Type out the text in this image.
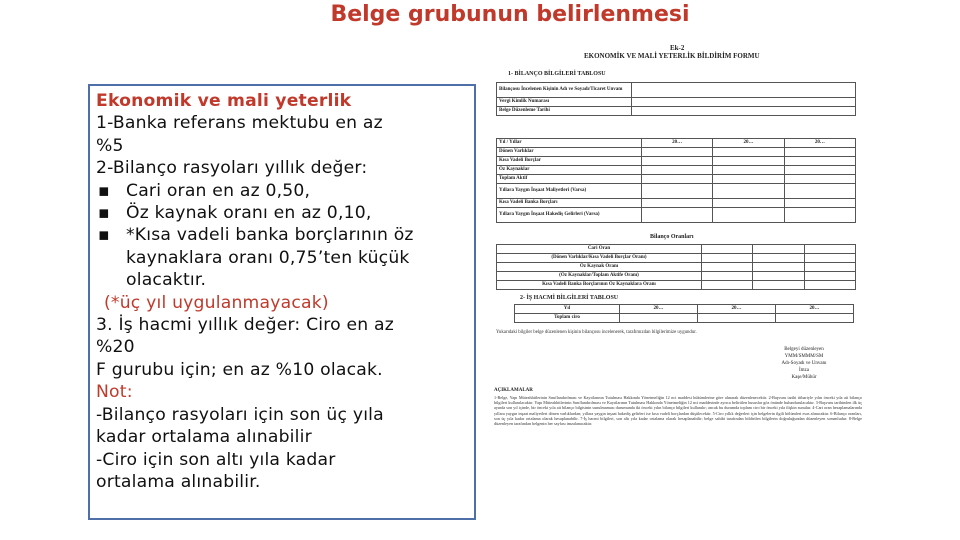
Belge grubunun belirlenmesi
Ekonomik ve mali yeterlik
1-Banka referans mektubu en az
%5
2-Bilanço rasyoları yıllık değer:
▪ Cari oran en az 0,50,
▪ Öz kaynak oranı en az 0,10,
▪ *Kısa vadeli banka borçlarının öz
kaynaklara oranı 0,75’ten küçük
olacaktır.
(*üç yıl uygulanmayacak)
3. İş hacmi yıllık değer: Ciro en az
%20
F gurubu için; en az %10 olacak.
Not:
-Bilanço rasyoları için son üç yıla
kadar ortalama alınabilir
-Ciro için son altı yıla kadar
ortalama alınabilir.
Ek-2
EKONOMİK VE MALİ YETERLİK BİLDİRİM FORMU
1- BİLANÇO BİLGİLERİ TABLOSU
Bilançosu İncelenen Kişinin Adı ve Soyadı/Ticaret Unvanı	
Vergi Kimlik Numarası	
Belge Düzenleme Tarihi	
Yıl / Yıllar	20…	20…	20…
Dönen Varlıklar			
Kısa Vadeli Borçlar			
Öz Kaynaklar			
Toplam Aktif			
Yıllara Yaygın İnşaat Maliyetleri (Varsa)			
Kısa Vadeli Banka Borçları			
Yıllara Yaygın İnşaat Hakediş Gelirleri (Varsa)			
Bilanço Oranları
Cari Oran			
(Dönen Varlıklar/Kısa Vadeli Borçlar Oranı)			
Öz Kaynak Oranı			
(Öz Kaynaklar/Toplam Aktife Oranı)			
Kısa Vadeli Banka Borçlarının Öz Kaynaklara Oranı			
2- İŞ HACMİ BİLGİLERİ TABLOSU
Yıl	20…	20…	20…
Toplam ciro			
Yukarıdaki bilgiler belge düzenlenen kişinin bilançosu incelenerek, tarafımızdan bilgilerimize uygundur.
Belgeyi düzenleyen
YMM/SMMM/SM
Adı-Soyadı ve Unvanı
İmza
Kaşe/Mühür
AÇIKLAMALAR
1-Belge, Yapı Müteahhitlerinin Sınıflandırılması ve Kayıtlarının Tutulması Hakkında Yönetmeliğin 12 nci maddesi hükümlerine göre alınarak düzenlenecektir. 2-Başvuru tarihi itibariyle yılın önceki yıla ait bilanço bilgileri kullanılacaktır. Yapı Müteahhitlerinin Sınıflandırılması ve Kayıtlarının Tutulması Hakkında Yönetmeliğin 12 nci maddesinde ayrıca belirtilen hususlar göz önünde bulundurulacaktır. 3-Başvuru tarihinden ilk üç ayında son yıl içinde, bir önceki yıla ait bilanço bilgisinin sunulmaması durumunda iki önceki yılın bilanço bilgileri kullanılır; ancak bu durumda toplam ciro bir önceki yıla ilişkin sunulur. 4-Cari oran hesaplamalarında yıllara yaygın inşaat maliyetleri dönen varlıklardan; yıllara yaygın inşaat hakediş gelirleri ise kısa vadeli borçlardan düşülecektir. 5-Ciro yıllık değerleri için belgelerin ilgili bölümleri esas alınacaktır. 6-Bilanço oranları, son üç yıla kadar ortalama olarak hesaplanabilir. 7-İş hacmi bilgileri, son altı yıla kadar ortalama olarak hesaplanabilir; belge sahibi tarafından bildirilen bilgilerin doğruluğundan düzenleyen sorumludur. 8-Belge düzenleyen tarafından belgenin her sayfası imzalanacaktır.
